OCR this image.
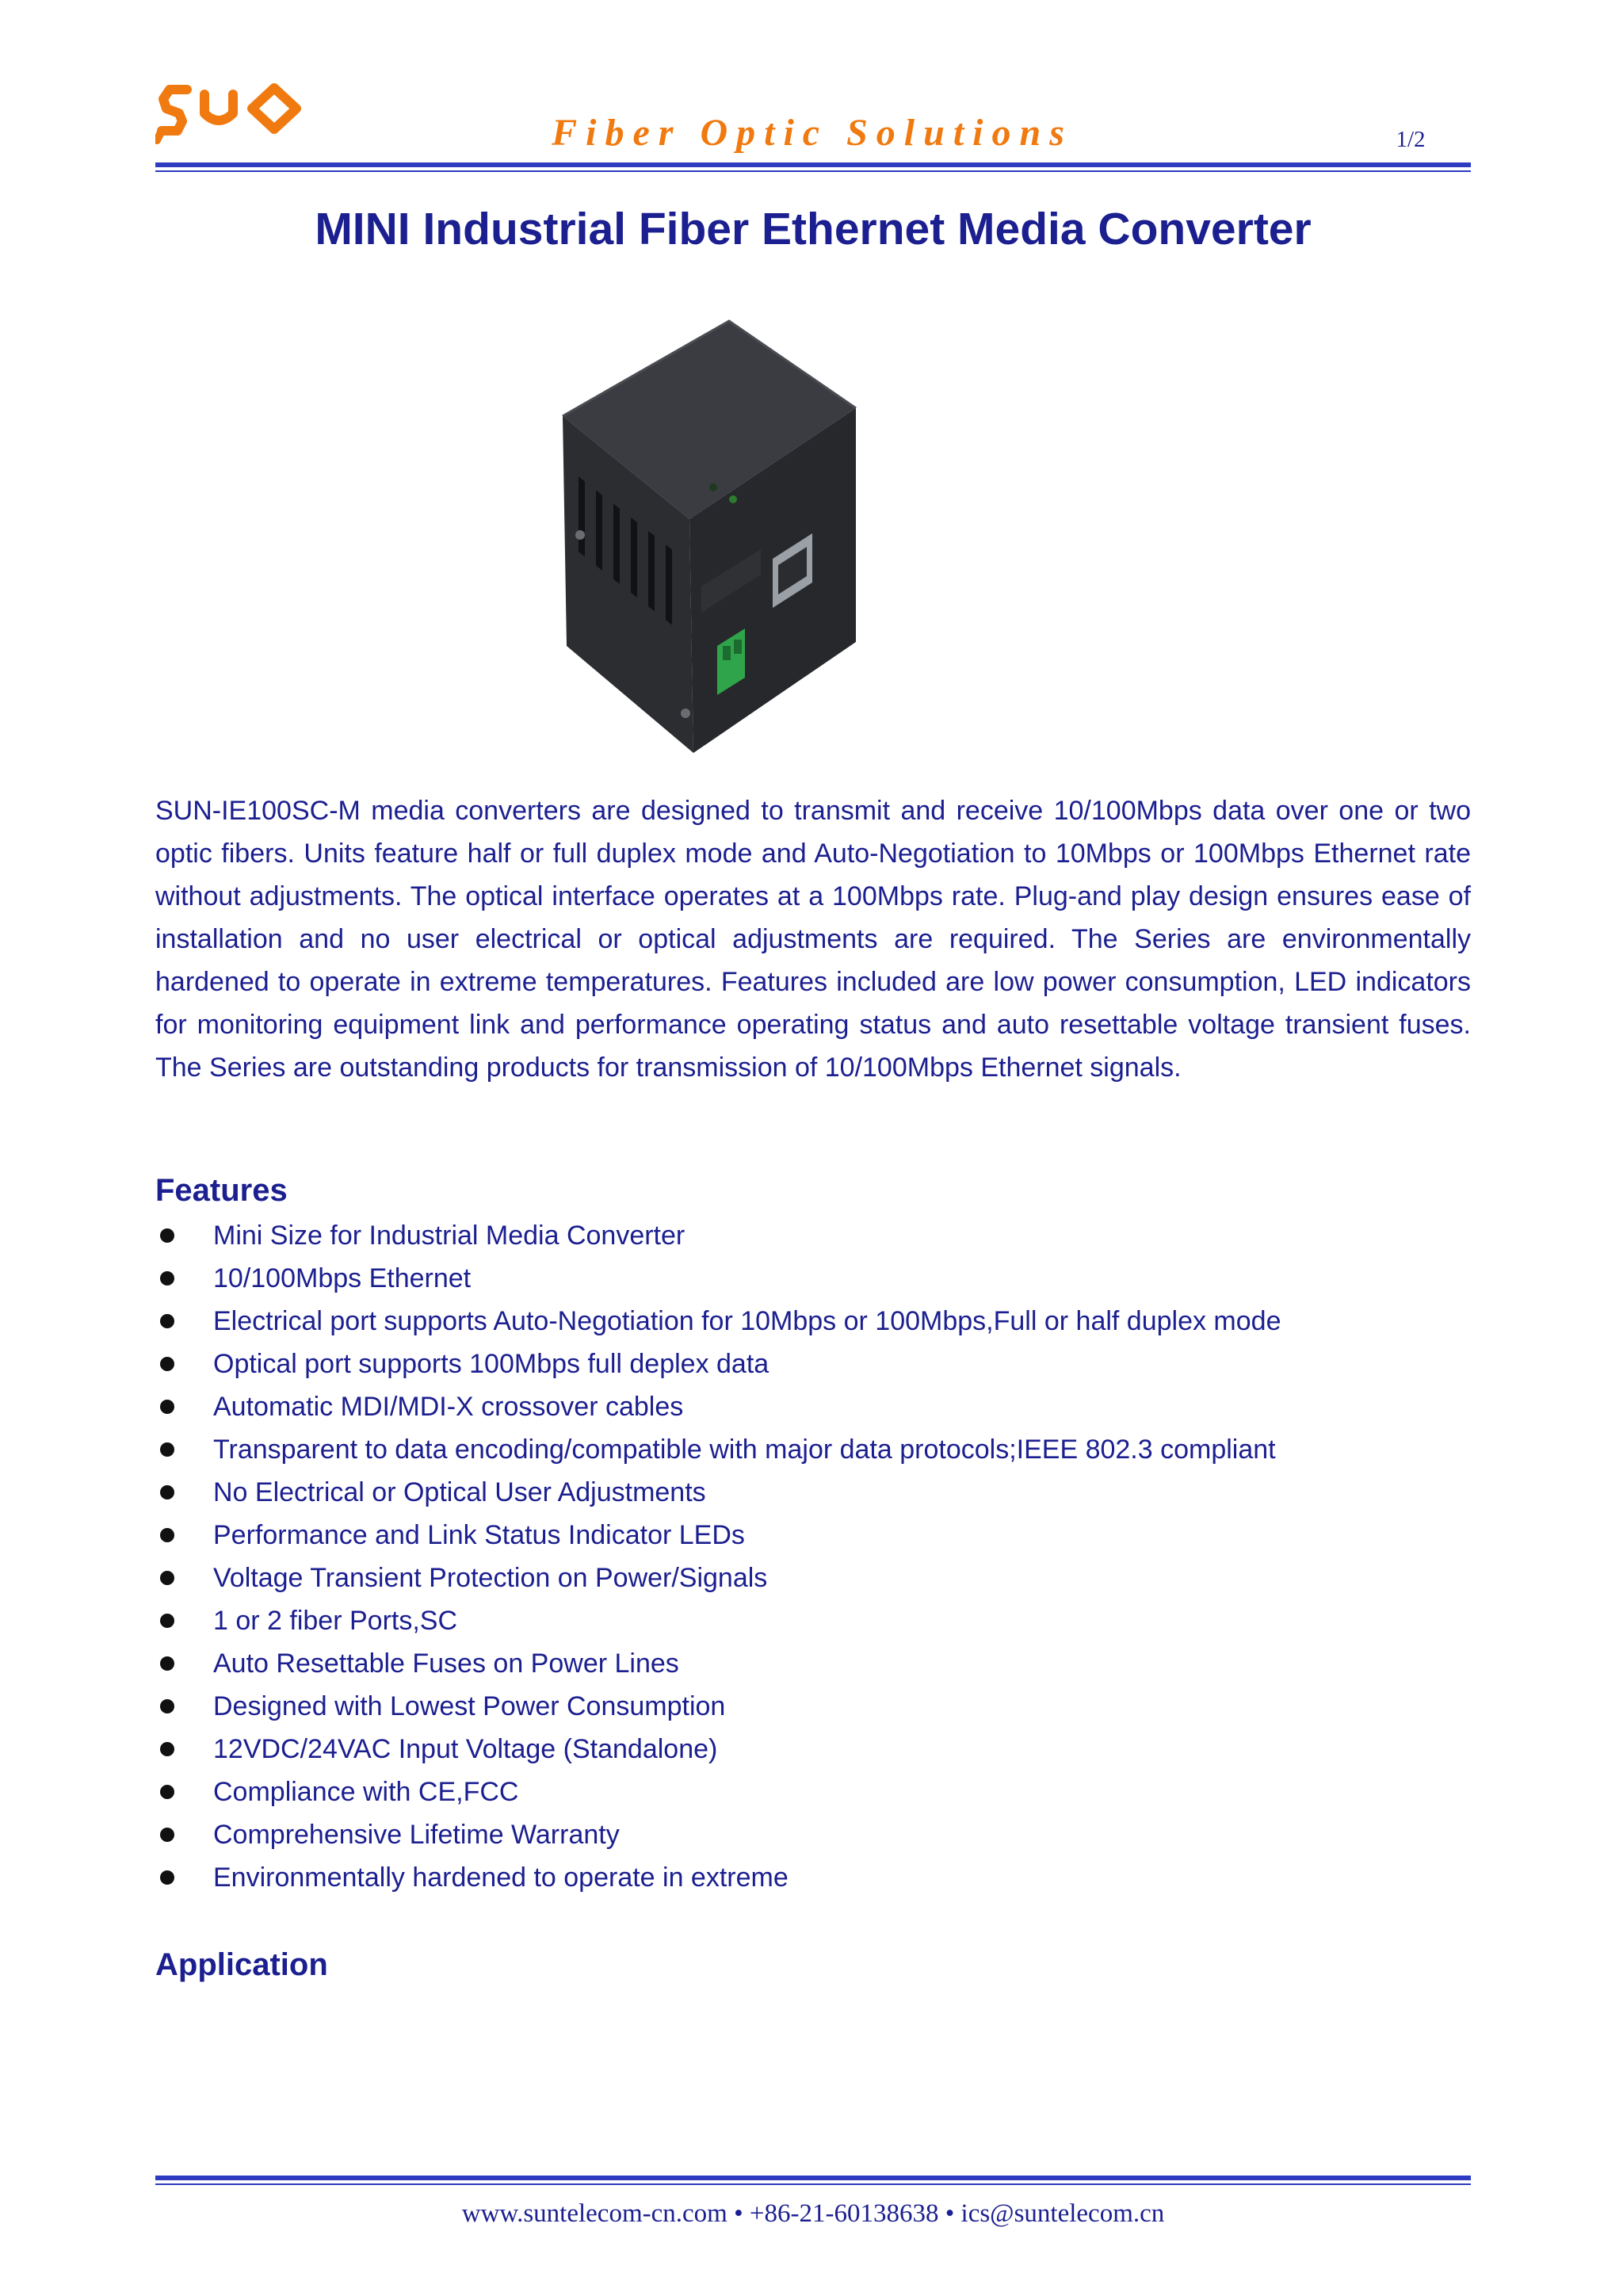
Fiber Optic Solutions	1/2
MINI Industrial Fiber Ethernet Media Converter
SUN-IE100SC-M media converters are designed to transmit and receive 10/100Mbps data over one or two optic fibers. Units feature half or full duplex mode and Auto-Negotiation to 10Mbps or 100Mbps Ethernet rate without adjustments. The optical interface operates at a 100Mbps rate. Plug-and play design ensures ease of installation and no user electrical or optical adjustments are required. The Series are environmentally hardened to operate in extreme temperatures. Features included are low power consumption, LED indicators for monitoring equipment link and performance operating status and auto resettable voltage transient fuses. The Series are outstanding products for transmission of 10/100Mbps Ethernet signals.
Features
Mini Size for Industrial Media Converter
10/100Mbps Ethernet
Electrical port supports Auto-Negotiation for 10Mbps or 100Mbps,Full or half duplex mode
Optical port supports 100Mbps full deplex data
Automatic MDI/MDI-X crossover cables
Transparent to data encoding/compatible with major data protocols;IEEE 802.3 compliant
No Electrical or Optical User Adjustments
Performance and Link Status Indicator LEDs
Voltage Transient Protection on Power/Signals
1 or 2 fiber Ports,SC
Auto Resettable Fuses on Power Lines
Designed with Lowest Power Consumption
12VDC/24VAC Input Voltage (Standalone)
Compliance with CE,FCC
Comprehensive Lifetime Warranty
Environmentally hardened to operate in extreme
Application
www.suntelecom-cn.com • +86-21-60138638 • ics@suntelecom.cn
